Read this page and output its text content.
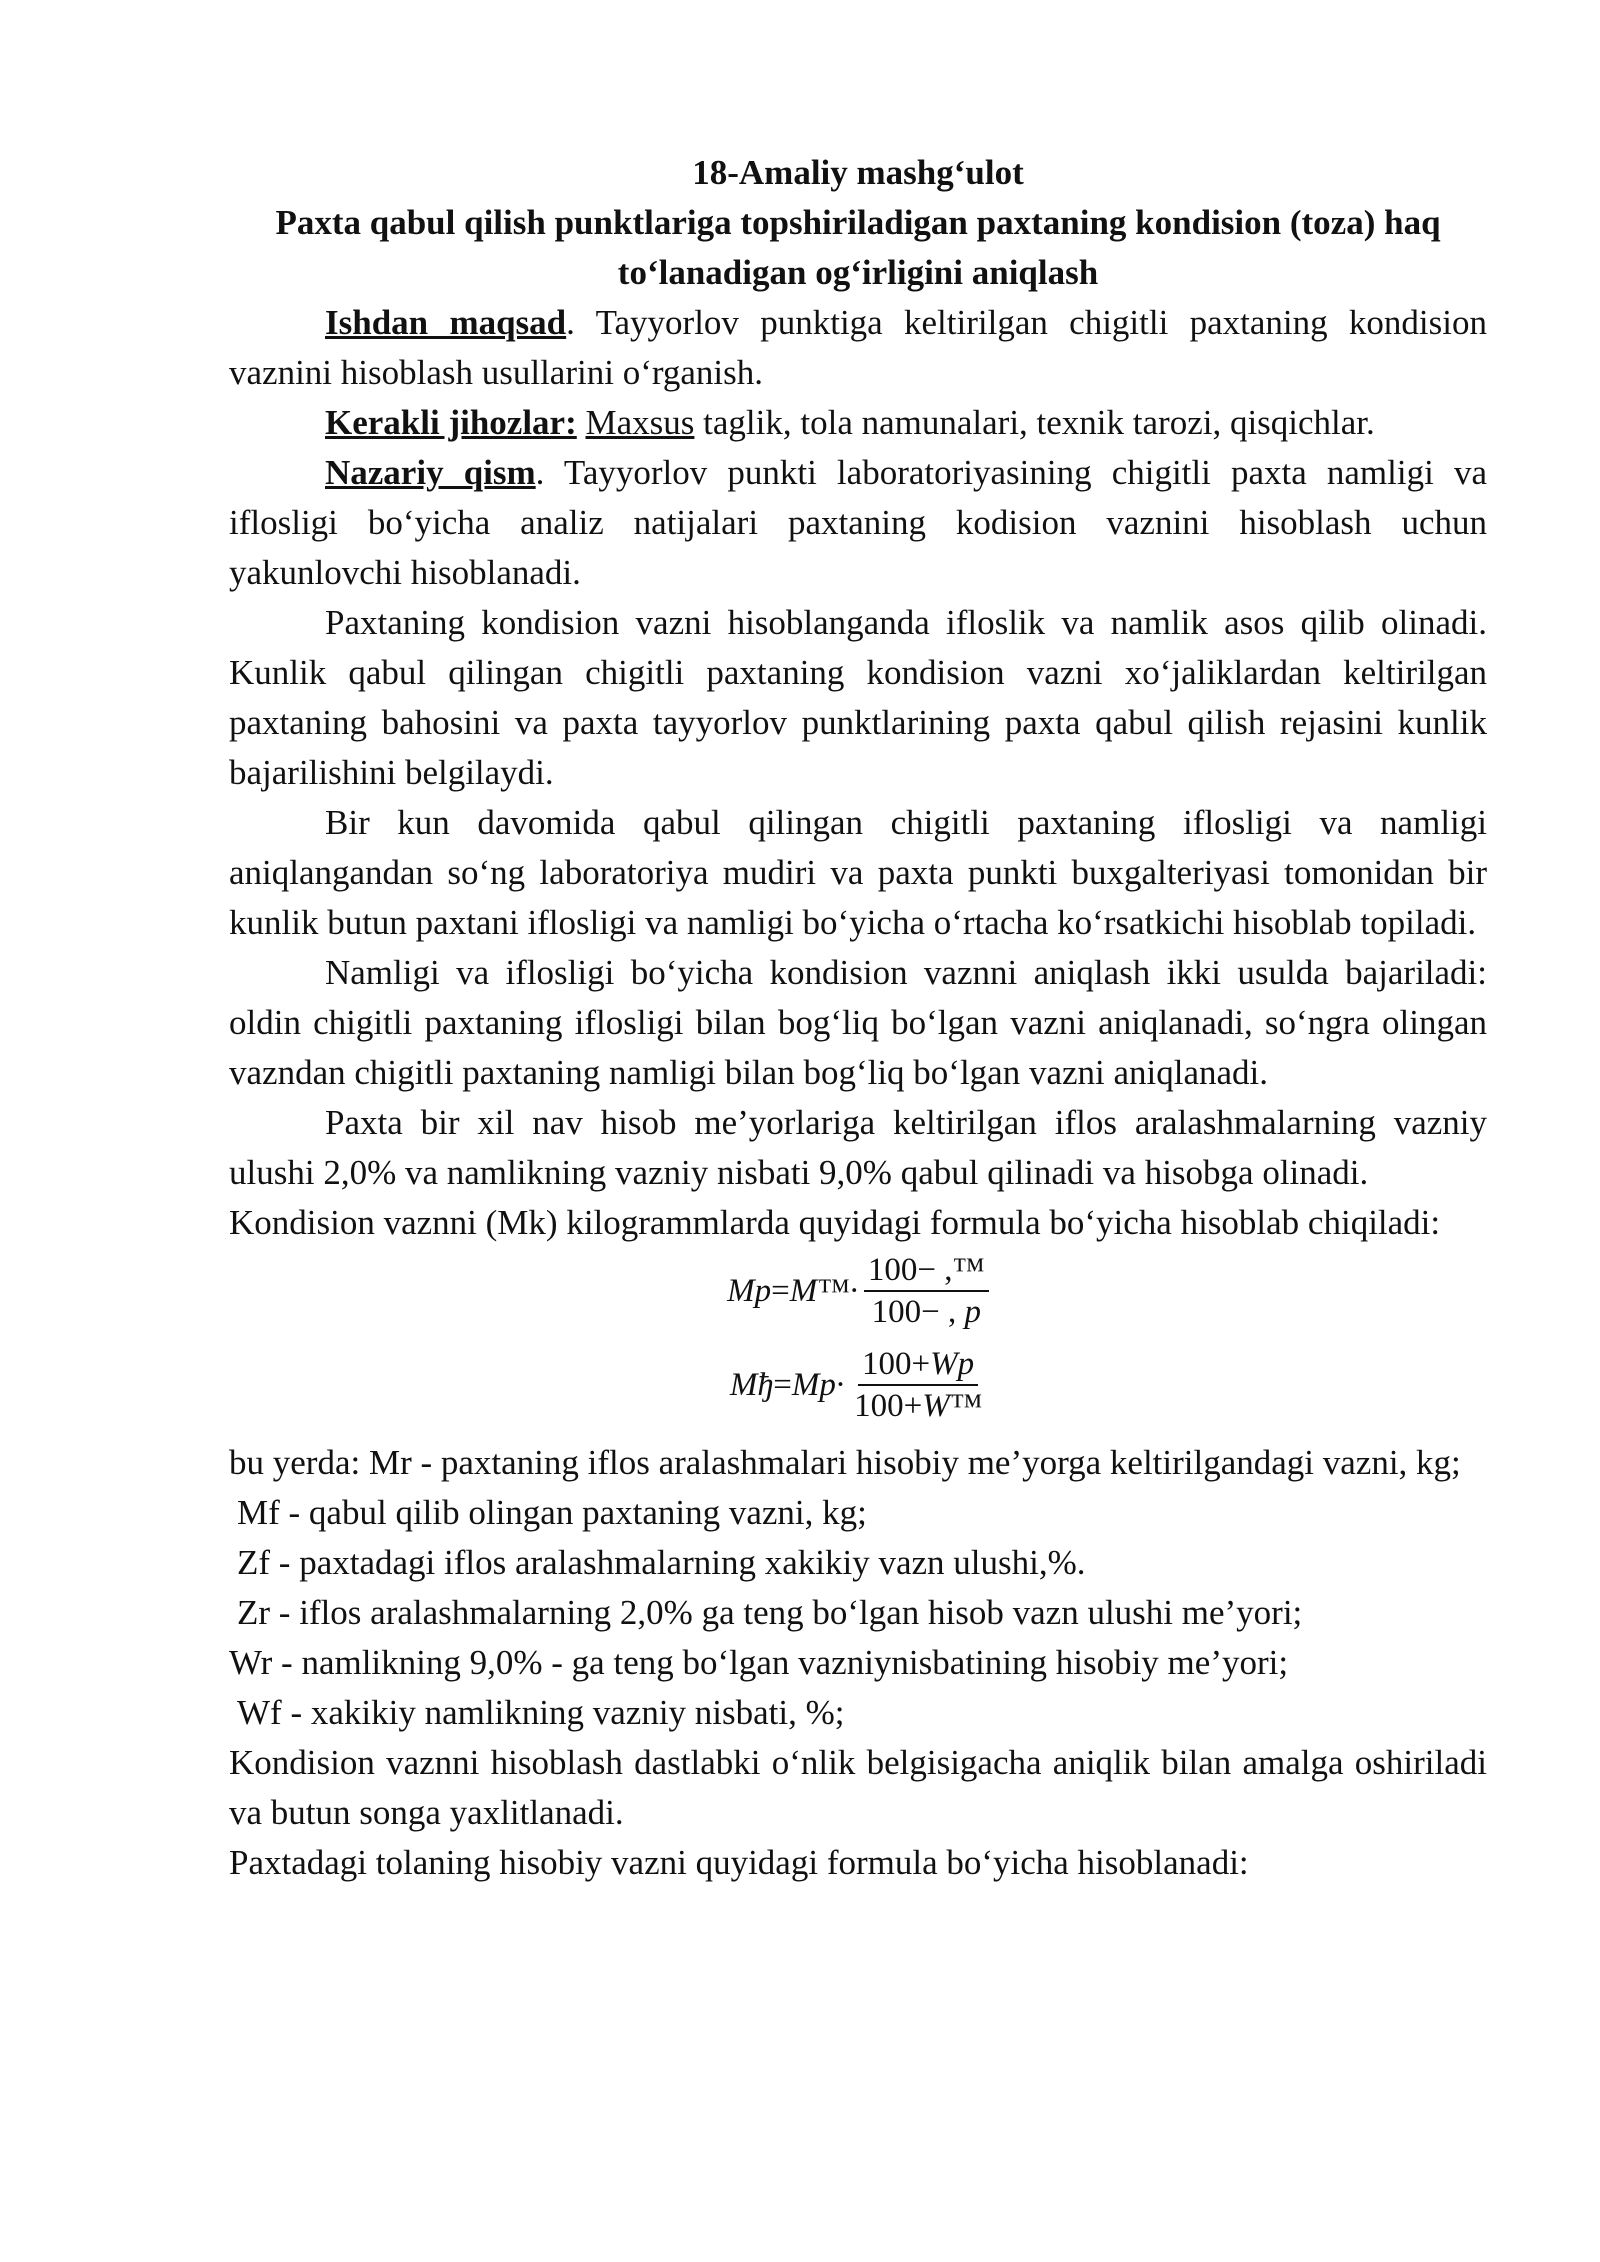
18-Amaliy mashg‘ulot
Paxta qabul qilish punktlariga topshiriladigan paxtaning kondision (toza) haq
to‘lanadigan og‘irligini aniqlash

Ishdan maqsad. Tayyorlov punktiga keltirilgan chigitli paxtaning kondision vaznini hisoblash usullarini o‘rganish.

Kerakli jihozlar: Maxsus taglik, tola namunalari, texnik tarozi, qisqichlar.

Nazariy qism. Tayyorlov punkti laboratoriyasining chigitli paxta namligi va iflosligi bo‘yicha analiz natijalari paxtaning kodision vaznini hisoblash uchun yakunlovchi hisoblanadi.

Paxtaning kondision vazni hisoblanganda ifloslik va namlik asos qilib olinadi. Kunlik qabul qilingan chigitli paxtaning kondision vazni xo‘jaliklardan keltirilgan paxtaning bahosini va paxta tayyorlov punktlarining paxta qabul qilish rejasini kunlik bajarilishini belgilaydi.

Bir kun davomida qabul qilingan chigitli paxtaning iflosligi va namligi aniqlangandan so‘ng laboratoriya mudiri va paxta punkti buxgalteriyasi tomonidan bir kunlik butun paxtani iflosligi va namligi bo‘yicha o‘rtacha ko‘rsatkichi hisoblab topiladi.

Namligi va iflosligi bo‘yicha kondision vaznni aniqlash ikki usulda bajariladi: oldin chigitli paxtaning iflosligi bilan bog‘liq bo‘lgan vazni aniqlanadi, so‘ngra olingan vazndan chigitli paxtaning namligi bilan bog‘liq bo‘lgan vazni aniqlanadi.

Paxta bir xil nav hisob me’yorlariga keltirilgan iflos aralashmalarning vazniy ulushi 2,0% va namlikning vazniy nisbati 9,0% qabul qilinadi va hisobga olinadi.

Kondision vaznni (Mk) kilogrammlarda quyidagi formula bo‘yicha hisoblab chiqiladi:

Mp = M™· $\frac{100- ,™}{100- , p}$
Mђ = $Mp\cdot \frac{100+Wp}{100+W™}$

bu yerda: Mr - paxtaning iflos aralashmalari hisobiy me’yorga keltirilgandagi vazni, kg;

Mf - qabul qilib olingan paxtaning vazni, kg;

Zf - paxtadagi iflos aralashmalarning xakikiy vazn ulushi,%.

Zr - iflos aralashmalarning 2,0% ga teng bo‘lgan hisob vazn ulushi me’yori;

Wr - namlikning 9,0% - ga teng bo‘lgan vazniynisbatining hisobiy me’yori;

Wf - xakikiy namlikning vazniy nisbati, %;

Kondision vaznni hisoblash dastlabki o‘nlik belgisigacha aniqlik bilan amalga oshiriladi va butun songa yaxlitlanadi.

Paxtadagi tolaning hisobiy vazni quyidagi formula bo‘yicha hisoblanadi:
